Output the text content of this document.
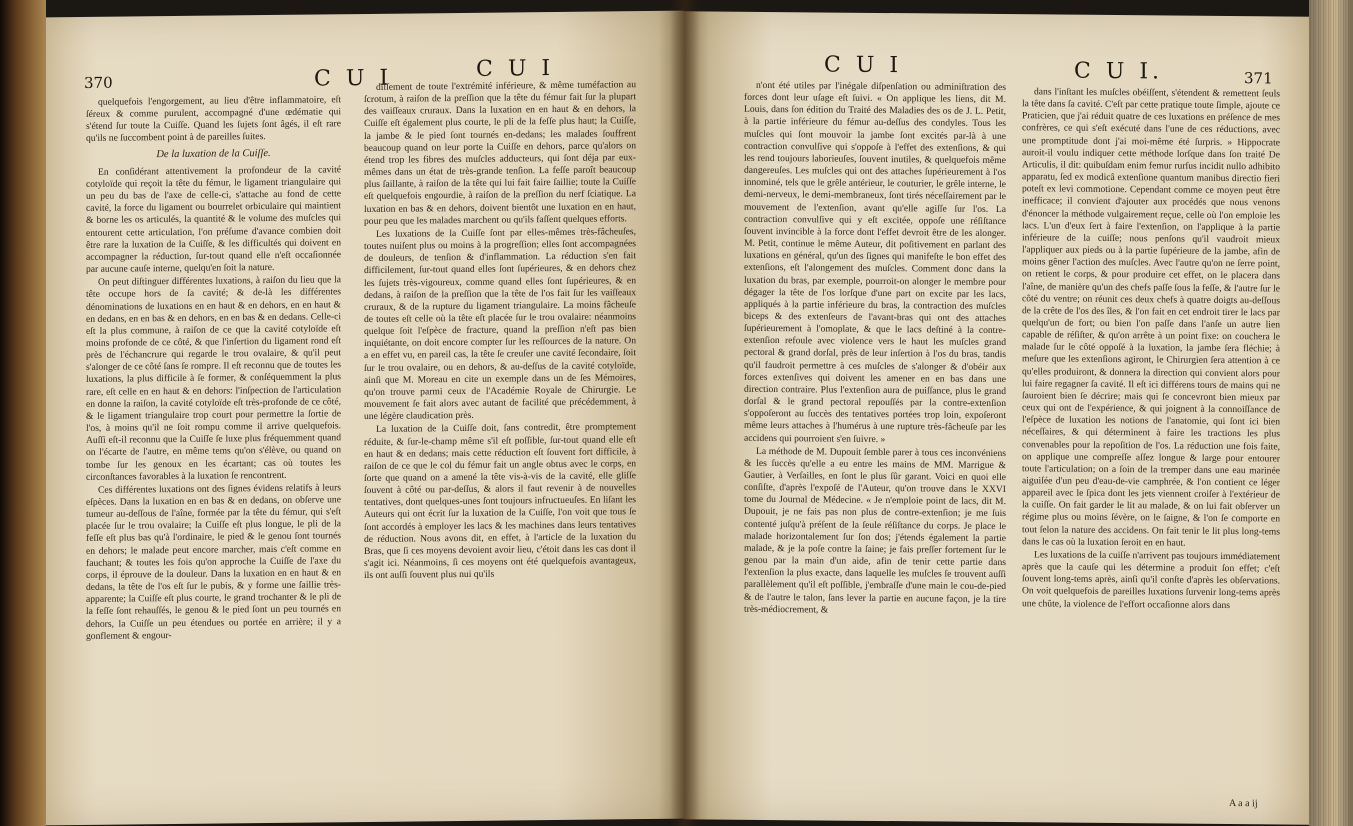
370	C U I	C U I

quelquefois l'engorgement, au lieu d'être inflammatoire, eſt ſéreux & comme purulent, accompagné d'une œdématie qui s'étend ſur toute la Cuiſſe. Quand les ſujets ſont âgés, il eſt rare qu'ils ne ſuccombent point à de pareilles ſuites.

De la luxation de la Cuiſſe.

En conſidérant attentivement la profondeur de la cavité cotyloïde qui reçoit la tête du fémur, le ligament triangulaire qui un peu du bas de l'axe de celle-ci, s'attache au fond de cette cavité, la force du ligament ou bourrelet orbiculaire qui maintient & borne les os articulés, la quantité & le volume des muſcles qui entourent cette articulation, l'on préſume d'avance combien doit être rare la luxation de la Cuiſſe, & les difficultés qui doivent en accompagner la réduction, ſur-tout quand elle n'eſt occaſionnée par aucune cauſe interne, quelqu'en ſoit la nature.

On peut diſtinguer différentes luxations, à raiſon du lieu que la tête occupe hors de ſa cavité; & de-là les différentes dénominations de luxations en en haut & en dehors, en en haut & en dedans, en en bas & en dehors, en en bas & en dedans. Celle-ci eſt la plus commune, à raiſon de ce que la cavité cotyloïde eſt moins profonde de ce côté, & que l'inſertion du ligament rond eſt près de l'échancrure qui regarde le trou ovalaire, & qu'il peut s'alonger de ce côté ſans ſe rompre. Il eſt reconnu que de toutes les luxations, la plus difficile à ſe former, & conſéquemment la plus rare, eſt celle en en haut & en dehors: l'inſpection de l'articulation en donne la raiſon, la cavité cotyloïde eſt très-profonde de ce côté, & le ligament triangulaire trop court pour permettre la ſortie de l'os, à moins qu'il ne ſoit rompu comme il arrive quelquefois. Auſſi eſt-il reconnu que la Cuiſſe ſe luxe plus fréquemment quand on l'écarte de l'autre, en même tems qu'on s'élève, ou quand on tombe ſur les genoux en les écartant; cas où toutes les circonſtances favorables à la luxation ſe rencontrent.

Ces différentes luxations ont des ſignes évidens relatifs à leurs eſpèces. Dans la luxation en en bas & en dedans, on obſerve une tumeur au-deſſous de l'aîne, formée par la tête du fémur, qui s'eſt placée ſur le trou ovalaire; la Cuiſſe eſt plus longue, le pli de la feſſe eſt plus bas qu'à l'ordinaire, le pied & le genou ſont tournés en dehors; le malade peut encore marcher, mais c'eſt comme en fauchant; & toutes les fois qu'on approche la Cuiſſe de l'axe du corps, il éprouve de la douleur. Dans la luxation en en haut & en dedans, la tête de l'os eſt ſur le pubis, & y forme une ſaillie très-apparente; la Cuiſſe eſt plus courte, le grand trochanter & le pli de la feſſe ſont rehauſſés, le genou & le pied ſont un peu tournés en dehors, la Cuiſſe un peu étendues ou portée en arrière; il y a gonflement & engour-

diſſement de toute l'extrémité inférieure, & même tuméfaction au ſcrotum, à raiſon de la preſſion que la tête du fémur fait ſur la plupart des vaiſſeaux cruraux. Dans la luxation en en haut & en dehors, la Cuiſſe eſt également plus courte, le pli de la feſſe plus haut; la Cuiſſe, la jambe & le pied ſont tournés en-dedans; les malades ſouffrent beaucoup quand on leur porte la Cuiſſe en dehors, parce qu'alors on étend trop les fibres des muſcles adducteurs, qui ſont déja par eux-mêmes dans un état de très-grande tenſion. La feſſe paroît beaucoup plus ſaillante, à raiſon de la tête qui lui fait faire ſaillie; toute la Cuiſſe eſt quelquefois engourdie, à raiſon de la preſſion du nerf ſciatique. La luxation en bas & en dehors, doivent bientôt une luxation en en haut, pour peu que les malades marchent ou qu'ils faſſent quelques efforts.

Les luxations de la Cuiſſe ſont par elles-mêmes très-fâcheuſes, toutes nuiſent plus ou moins à la progreſſion; elles ſont accompagnées de douleurs, de tenſion & d'inflammation. La réduction s'en fait difficilement, ſur-tout quand elles ſont ſupérieures, & en dehors chez les ſujets très-vigoureux, comme quand elles ſont ſupérieures, & en dedans, à raiſon de la preſſion que la tête de l'os fait ſur les vaiſſeaux cruraux, & de la rupture du ligament triangulaire. La moins fâcheuſe de toutes eſt celle où la tête eſt placée ſur le trou ovalaire: néanmoins quelque ſoit l'eſpèce de fracture, quand la preſſion n'eſt pas bien inquiétante, on doit encore compter ſur les reſſources de la nature. On a en effet vu, en pareil cas, la tête ſe creuſer une cavité ſecondaire, ſoit ſur le trou ovalaire, ou en dehors, & au-deſſus de la cavité cotyloïde, ainſi que M. Moreau en cite un exemple dans un de ſes Mémoires, qu'on trouve parmi ceux de l'Académie Royale de Chirurgie. Le mouvement ſe fait alors avec autant de facilité que précédemment, à une légère claudication près.

La luxation de la Cuiſſe doit, ſans contredit, être promptement réduite, & ſur-le-champ même s'il eſt poſſible, ſur-tout quand elle eſt en haut & en dedans; mais cette réduction eſt ſouvent fort difficile, à raiſon de ce que le col du fémur fait un angle obtus avec le corps, en ſorte que quand on a amené la tête vis-à-vis de la cavité, elle gliſſe ſouvent à côté ou par-deſſus, & alors il faut revenir à de nouvelles tentatives, dont quelques-unes ſont toujours infructueuſes. En liſant les Auteurs qui ont écrit ſur la luxation de la Cuiſſe, l'on voit que tous ſe ſont accordés à employer les lacs & les machines dans leurs tentatives de réduction. Nous avons dit, en effet, à l'article de la luxation du Bras, que ſi ces moyens devoient avoir lieu, c'étoit dans les cas dont il s'agit ici. Néanmoins, ſi ces moyens ont été quelquefois avantageux, ils ont auſſi ſouvent plus nui qu'ils

C U I	C U I.	371

n'ont été utiles par l'inégale diſpenſation ou adminiſtration des forces dont leur uſage eſt ſuivi. « On applique les liens, dit M. Louis, dans ſon édition du Traité des Maladies des os de J. L. Petit, à la partie inférieure du fémur au-deſſus des condyles. Tous les muſcles qui ſont mouvoir la jambe ſont excités par-là à une contraction convulſive qui s'oppoſe à l'effet des extenſions, & qui les rend toujours laborieuſes, ſouvent inutiles, & quelquefois même dangereuſes. Les muſcles qui ont des attaches ſupérieurement à l'os innominé, tels que le grêle antérieur, le couturier, le grêle interne, le demi-nerveux, le demi-membraneux, ſont tirés néceſſairement par le mouvement de l'extenſion, avant qu'elle agiſſe ſur l'os. La contraction convulſive qui y eſt excitée, oppoſe une réſiſtance ſouvent invincible à la force dont l'effet devroit être de les alonger. M. Petit, continue le même Auteur, dit poſitivement en parlant des luxations en général, qu'un des ſignes qui manifeſte le bon effet des extenſions, eſt l'alongement des muſcles. Comment donc dans la luxation du bras, par exemple, pourroit-on alonger le membre pour dégager la tête de l'os lorſque d'une part on excite par les lacs, appliqués à la partie inférieure du bras, la contraction des muſcles biceps & des extenſeurs de l'avant-bras qui ont des attaches ſupérieurement à l'omoplate, & que le lacs deſtiné à la contre-extenſion refoule avec violence vers le haut les muſcles grand pectoral & grand dorſal, près de leur inſertion à l'os du bras, tandis qu'il faudroit permettre à ces muſcles de s'alonger & d'obéir aux forces extenſives qui doivent les amener en en bas dans une direction contraire. Plus l'extenſion aura de puiſſance, plus le grand dorſal & le grand pectoral repouſſés par la contre-extenſion s'oppoſeront au ſuccès des tentatives portées trop loin, expoſeront même leurs attaches à l'humérus à une rupture très-fâcheuſe par les accidens qui pourroient s'en ſuivre. »

La méthode de M. Dupouit ſemble parer à tous ces inconvéniens & les ſuccès qu'elle a eu entre les mains de MM. Marrigue & Gautier, à Verſailles, en ſont le plus ſûr garant. Voici en quoi elle conſiſte, d'après l'expoſé de l'Auteur, qu'on trouve dans le XXVI tome du Journal de Médecine. « Je n'emploie point de lacs, dit M. Dupouit, je ne fais pas non plus de contre-extenſion; je me ſuis contenté juſqu'à préſent de la ſeule réſiſtance du corps. Je place le malade horizontalement ſur ſon dos; j'étends également la partie malade, & je la poſe contre la ſaine; je fais preſſer fortement ſur le genou par la main d'un aide, afin de tenir cette partie dans l'extenſion la plus exacte, dans laquelle les muſcles ſe trouvent auſſi parallèlement qu'il eſt poſſible, j'embraſſe d'une main le cou-de-pied & de l'autre le talon, ſans lever la partie en aucune façon, je la tire très-médiocrement, &

dans l'inſtant les muſcles obéiſſent, s'étendent & remettent ſeuls la tête dans ſa cavité. C'eſt par cette pratique toute ſimple, ajoute ce Praticien, que j'ai réduit quatre de ces luxations en préſence de mes confrères, ce qui s'eſt exécuté dans l'une de ces réductions, avec une promptitude dont j'ai moi-même été ſurpris. » Hippocrate auroit-il voulu indiquer cette méthode lorſque dans ſon traité De Articulis, il dit: quibuſdam enim femur rurſus incidit nullo adhibito apparatu, ſed ex modicâ extenſione quantum manibus directio fieri poteſt ex levi commotione. Cependant comme ce moyen peut être inefficace; il convient d'ajouter aux procédés que nous venons d'énoncer la méthode vulgairement reçue, celle où l'on emploie les lacs. L'un d'eux ſert à faire l'extenſion, on l'applique à la partie inférieure de la cuiſſe; nous penſons qu'il vaudroit mieux l'appliquer aux pieds ou à la partie ſupérieure de la jambe, afin de moins gêner l'action des muſcles. Avec l'autre qu'on ne ſerre point, on retient le corps, & pour produire cet effet, on le placera dans l'aîne, de manière qu'un des chefs paſſe ſous la feſſe, & l'autre ſur le côté du ventre; on réunit ces deux chefs à quatre doigts au-deſſous de la crête de l'os des îles, & l'on fait en cet endroit tirer le lacs par quelqu'un de fort; ou bien l'on paſſe dans l'anſe un autre lien capable de réſiſter, & qu'on arrête à un point fixe: on couchera le malade ſur le côté oppoſé à la luxation, la jambe ſera fléchie; à meſure que les extenſions agiront, le Chirurgien ſera attention à ce qu'elles produiront, & donnera la direction qui convient alors pour lui faire regagner ſa cavité. Il eſt ici différens tours de mains qui ne ſauroient bien ſe décrire; mais qui ſe concevront bien mieux par ceux qui ont de l'expérience, & qui joignent à la connoiſſance de l'eſpèce de luxation les notions de l'anatomie, qui ſont ici bien néceſſaires, & qui déterminent à faire les tractions les plus convenables pour la repoſition de l'os. La réduction une fois faite, on applique une compreſſe aſſez longue & large pour entourer toute l'articulation; on a ſoin de la tremper dans une eau marinée aiguiſée d'un peu d'eau-de-vie camphrée, & l'on contient ce léger appareil avec le ſpica dont les jets viennent croiſer à l'extérieur de la cuiſſe. On fait garder le lit au malade, & on lui fait obſerver un régime plus ou moins ſévère, on le ſaigne, & l'on ſe comporte en tout ſelon la nature des accidens. On fait tenir le lit plus long-tems dans le cas où la luxation ſeroit en en haut.

Les luxations de la cuiſſe n'arrivent pas toujours immédiatement après que la cauſe qui les détermine a produit ſon effet; c'eſt ſouvent long-tems après, ainſi qu'il conſte d'après les obſervations. On voit quelquefois de pareilles luxations ſurvenir long-tems après une chûte, la violence de l'effort occaſionne alors dans

A a a ij
